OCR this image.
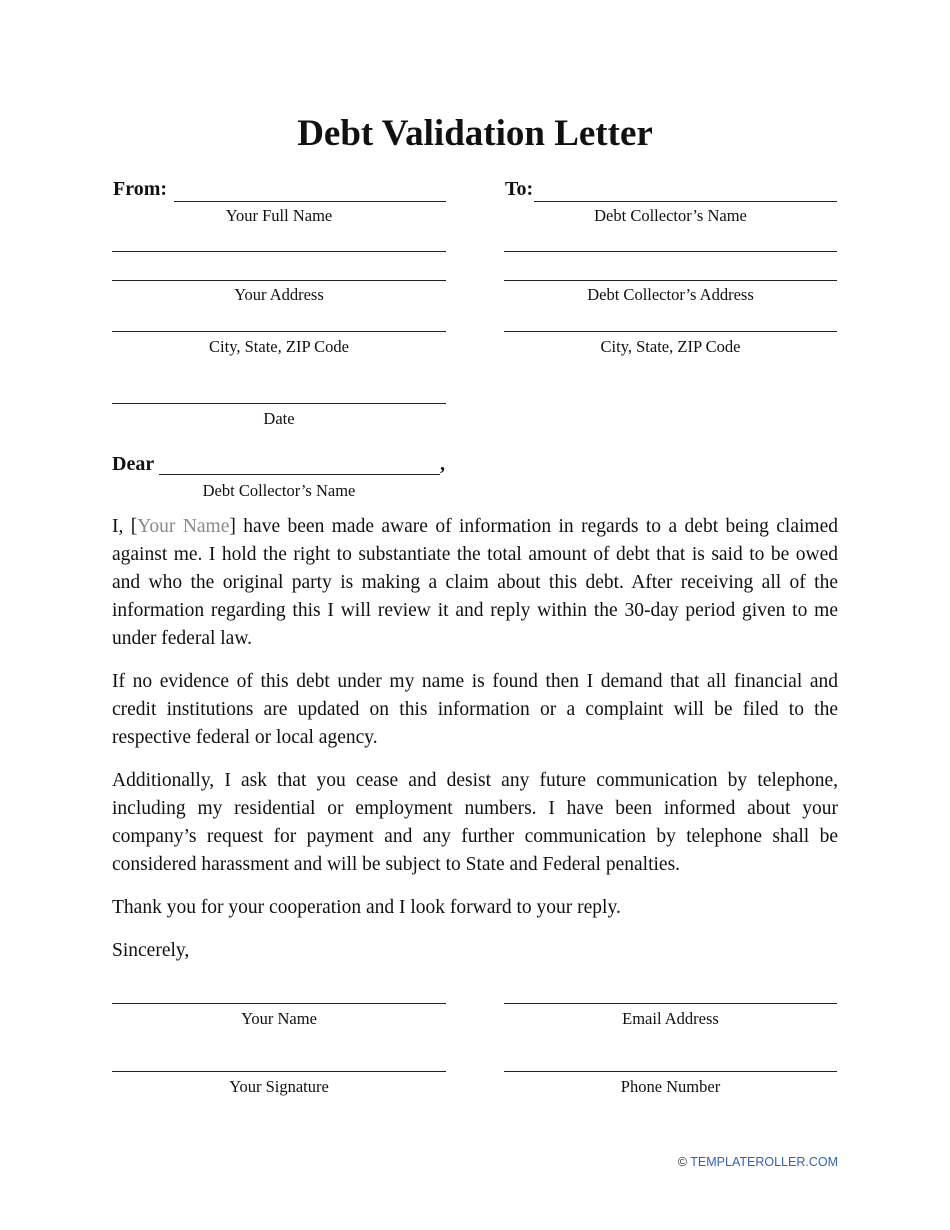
Debt Validation Letter
From:
Your Full Name
Your Address
City, State, ZIP Code
Date
To:
Debt Collector’s Name
Debt Collector’s Address
City, State, ZIP Code
Dear	,
Debt Collector’s Name
I, [Your Name] have been made aware of information in regards to a debt being claimed against me. I hold the right to substantiate the total amount of debt that is said to be owed and who the original party is making a claim about this debt. After receiving all of the information regarding this I will review it and reply within the 30-day period given to me under federal law.
If no evidence of this debt under my name is found then I demand that all financial and credit institutions are updated on this information or a complaint will be filed to the respective federal or local agency.
Additionally, I ask that you cease and desist any future communication by telephone, including my residential or employment numbers. I have been informed about your company’s request for payment and any further communication by telephone shall be considered harassment and will be subject to State and Federal penalties.
Thank you for your cooperation and I look forward to your reply.
Sincerely,
Your Name	Email Address
Your Signature	Phone Number
© TEMPLATEROLLER.COM
